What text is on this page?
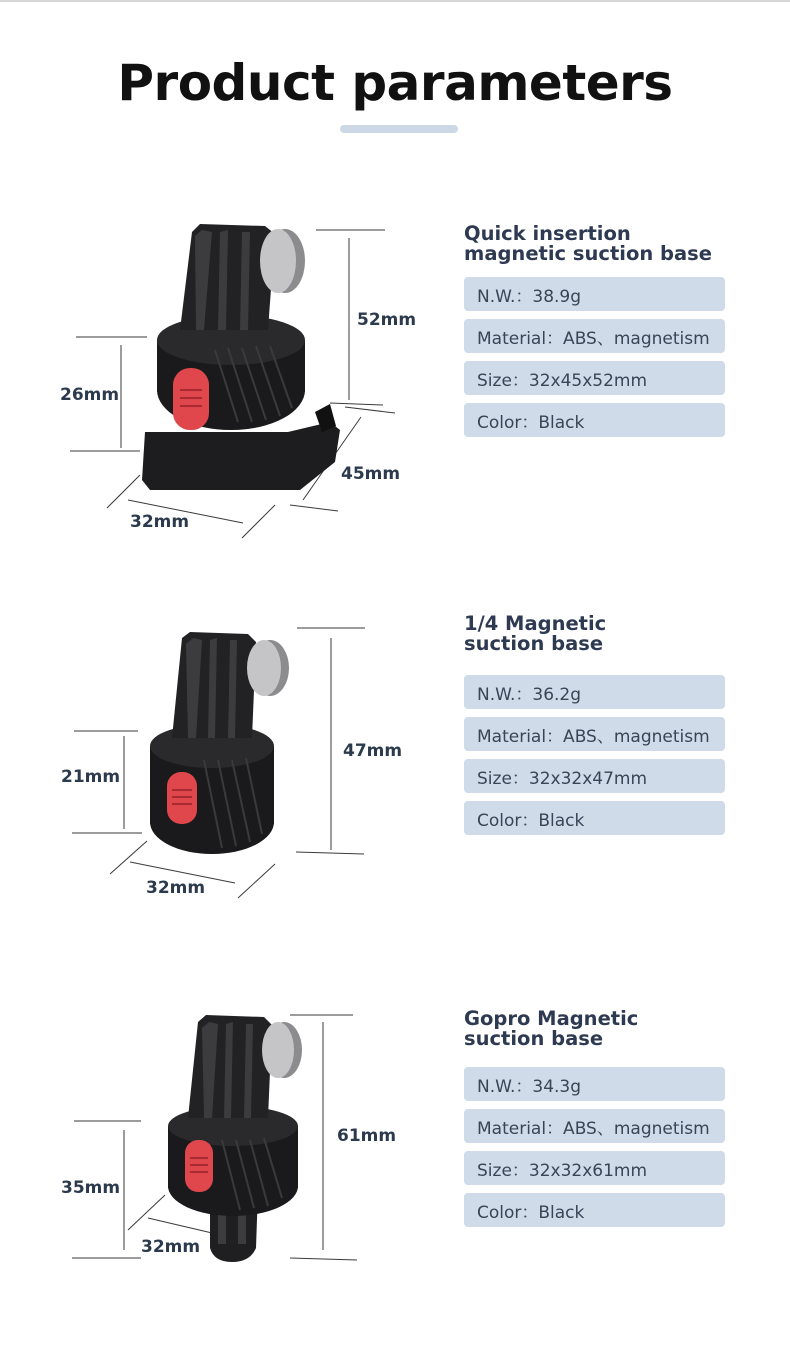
Product parameters
52mm
26mm
45mm
32mm
Quick insertion
magnetic suction base
N.W.：38.9g
Material：ABS、magnetism
Size：32x45x52mm
Color：Black
47mm
21mm
32mm
1/4 Magnetic
suction base
N.W.：36.2g
Material：ABS、magnetism
Size：32x32x47mm
Color：Black
61mm
35mm
32mm
Gopro Magnetic
suction base
N.W.：34.3g
Material：ABS、magnetism
Size：32x32x61mm
Color：Black
